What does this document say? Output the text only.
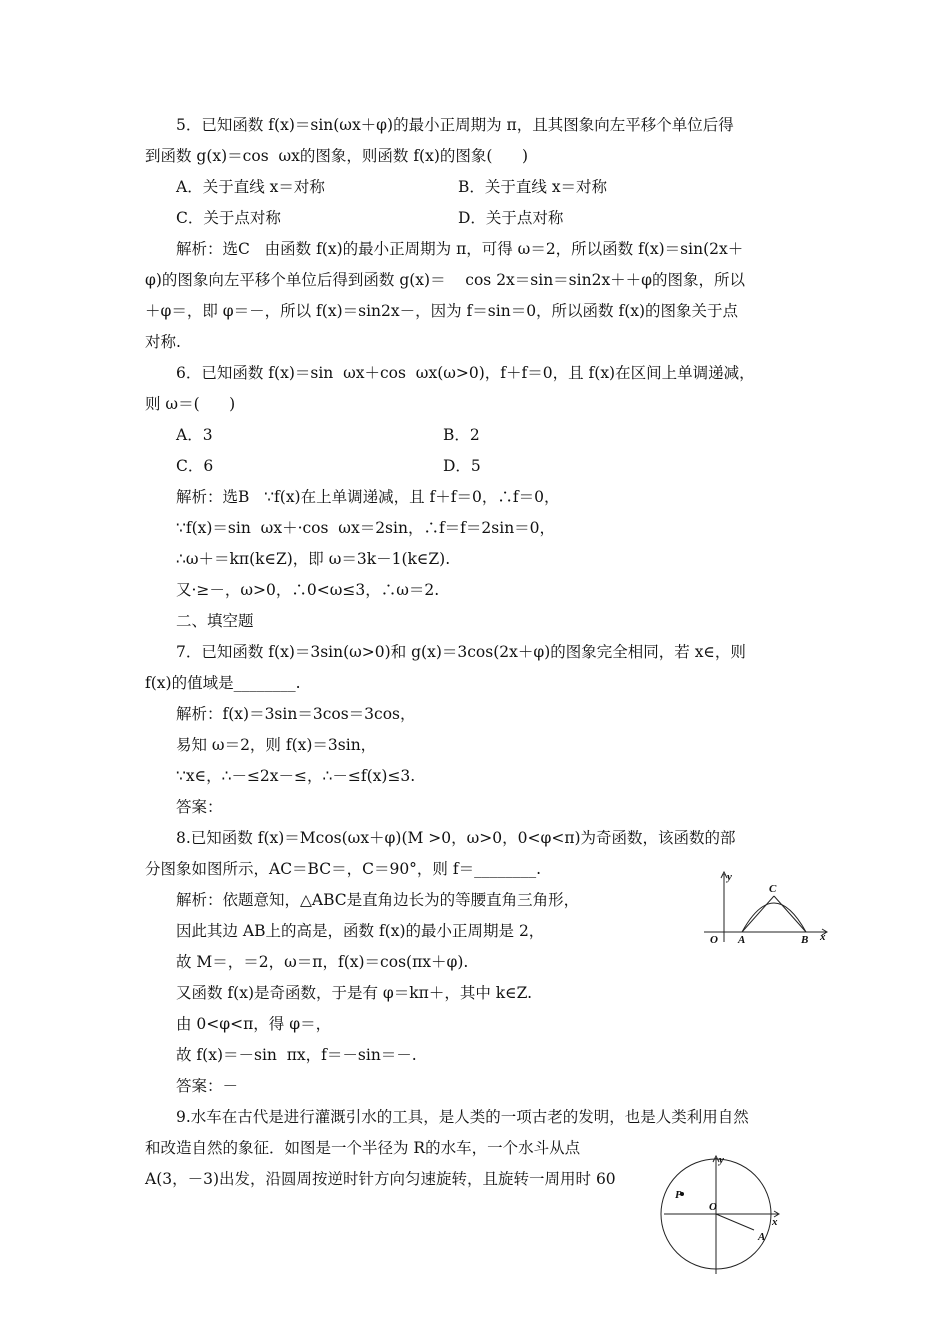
5．已知函数 f(x)＝sin(ωx＋φ)的最小正周期为 π，且其图象向左平移个单位后得
到函数 g(x)＝cos  ωx的图象，则函数 f(x)的图象(      )
A．关于直线 x＝对称
C．关于点对称
解析：选C   由函数 f(x)的最小正周期为 π，可得 ω＝2，所以函数 f(x)＝sin(2x＋
φ)的图象向左平移个单位后得到函数 g(x)＝    cos 2x＝sin＝sin2x＋＋φ的图象，所以
＋φ＝，即 φ＝－，所以 f(x)＝sin2x－，因为 f＝sin＝0，所以函数 f(x)的图象关于点
对称.
6．已知函数 f(x)＝sin  ωx＋cos  ωx(ω>0)，f＋f＝0，且 f(x)在区间上单调递减，
则 ω＝(      )
A．3
C．6
解析：选B   ∵f(x)在上单调递减，且 f＋f＝0，∴f＝0，
∵f(x)＝sin  ωx＋·cos  ωx＝2sin，∴f＝f＝2sin＝0，
∴ω＋＝kπ(k∈Z)，即 ω＝3k－1(k∈Z).
又·≥－，ω>0，∴0<ω≤3，∴ω＝2.
二、填空题
7．已知函数 f(x)＝3sin(ω>0)和 g(x)＝3cos(2x＋φ)的图象完全相同，若 x∈，则
f(x)的值域是________.
解析：f(x)＝3sin＝3cos＝3cos，
易知 ω＝2，则 f(x)＝3sin，
∵x∈，∴－≤2x－≤，∴－≤f(x)≤3.
答案：
8.已知函数 f(x)＝Mcos(ωx＋φ)(M >0，ω>0，0<φ<π)为奇函数，该函数的部
分图象如图所示，AC＝BC＝，C＝90°，则 f＝________.
解析：依题意知，△ABC是直角边长为的等腰直角三角形，
因此其边 AB上的高是，函数 f(x)的最小正周期是 2，
故 M＝，＝2，ω＝π，f(x)＝cos(πx＋φ).
又函数 f(x)是奇函数，于是有 φ＝kπ＋，其中 k∈Z.
由 0<φ<π，得 φ＝，
故 f(x)＝－sin  πx，f＝－sin＝－.
答案：－
9.水车在古代是进行灌溉引水的工具，是人类的一项古老的发明，也是人类利用自然
和改造自然的象征．如图是一个半径为 R的水车，一个水斗从点
A(3，－3)出发，沿圆周按逆时针方向匀速旋转，且旋转一周用时 60
B．关于直线 x＝对称
D．关于点对称
B．2
D．5
y
C
O A	B x
y
P
O
A
x
